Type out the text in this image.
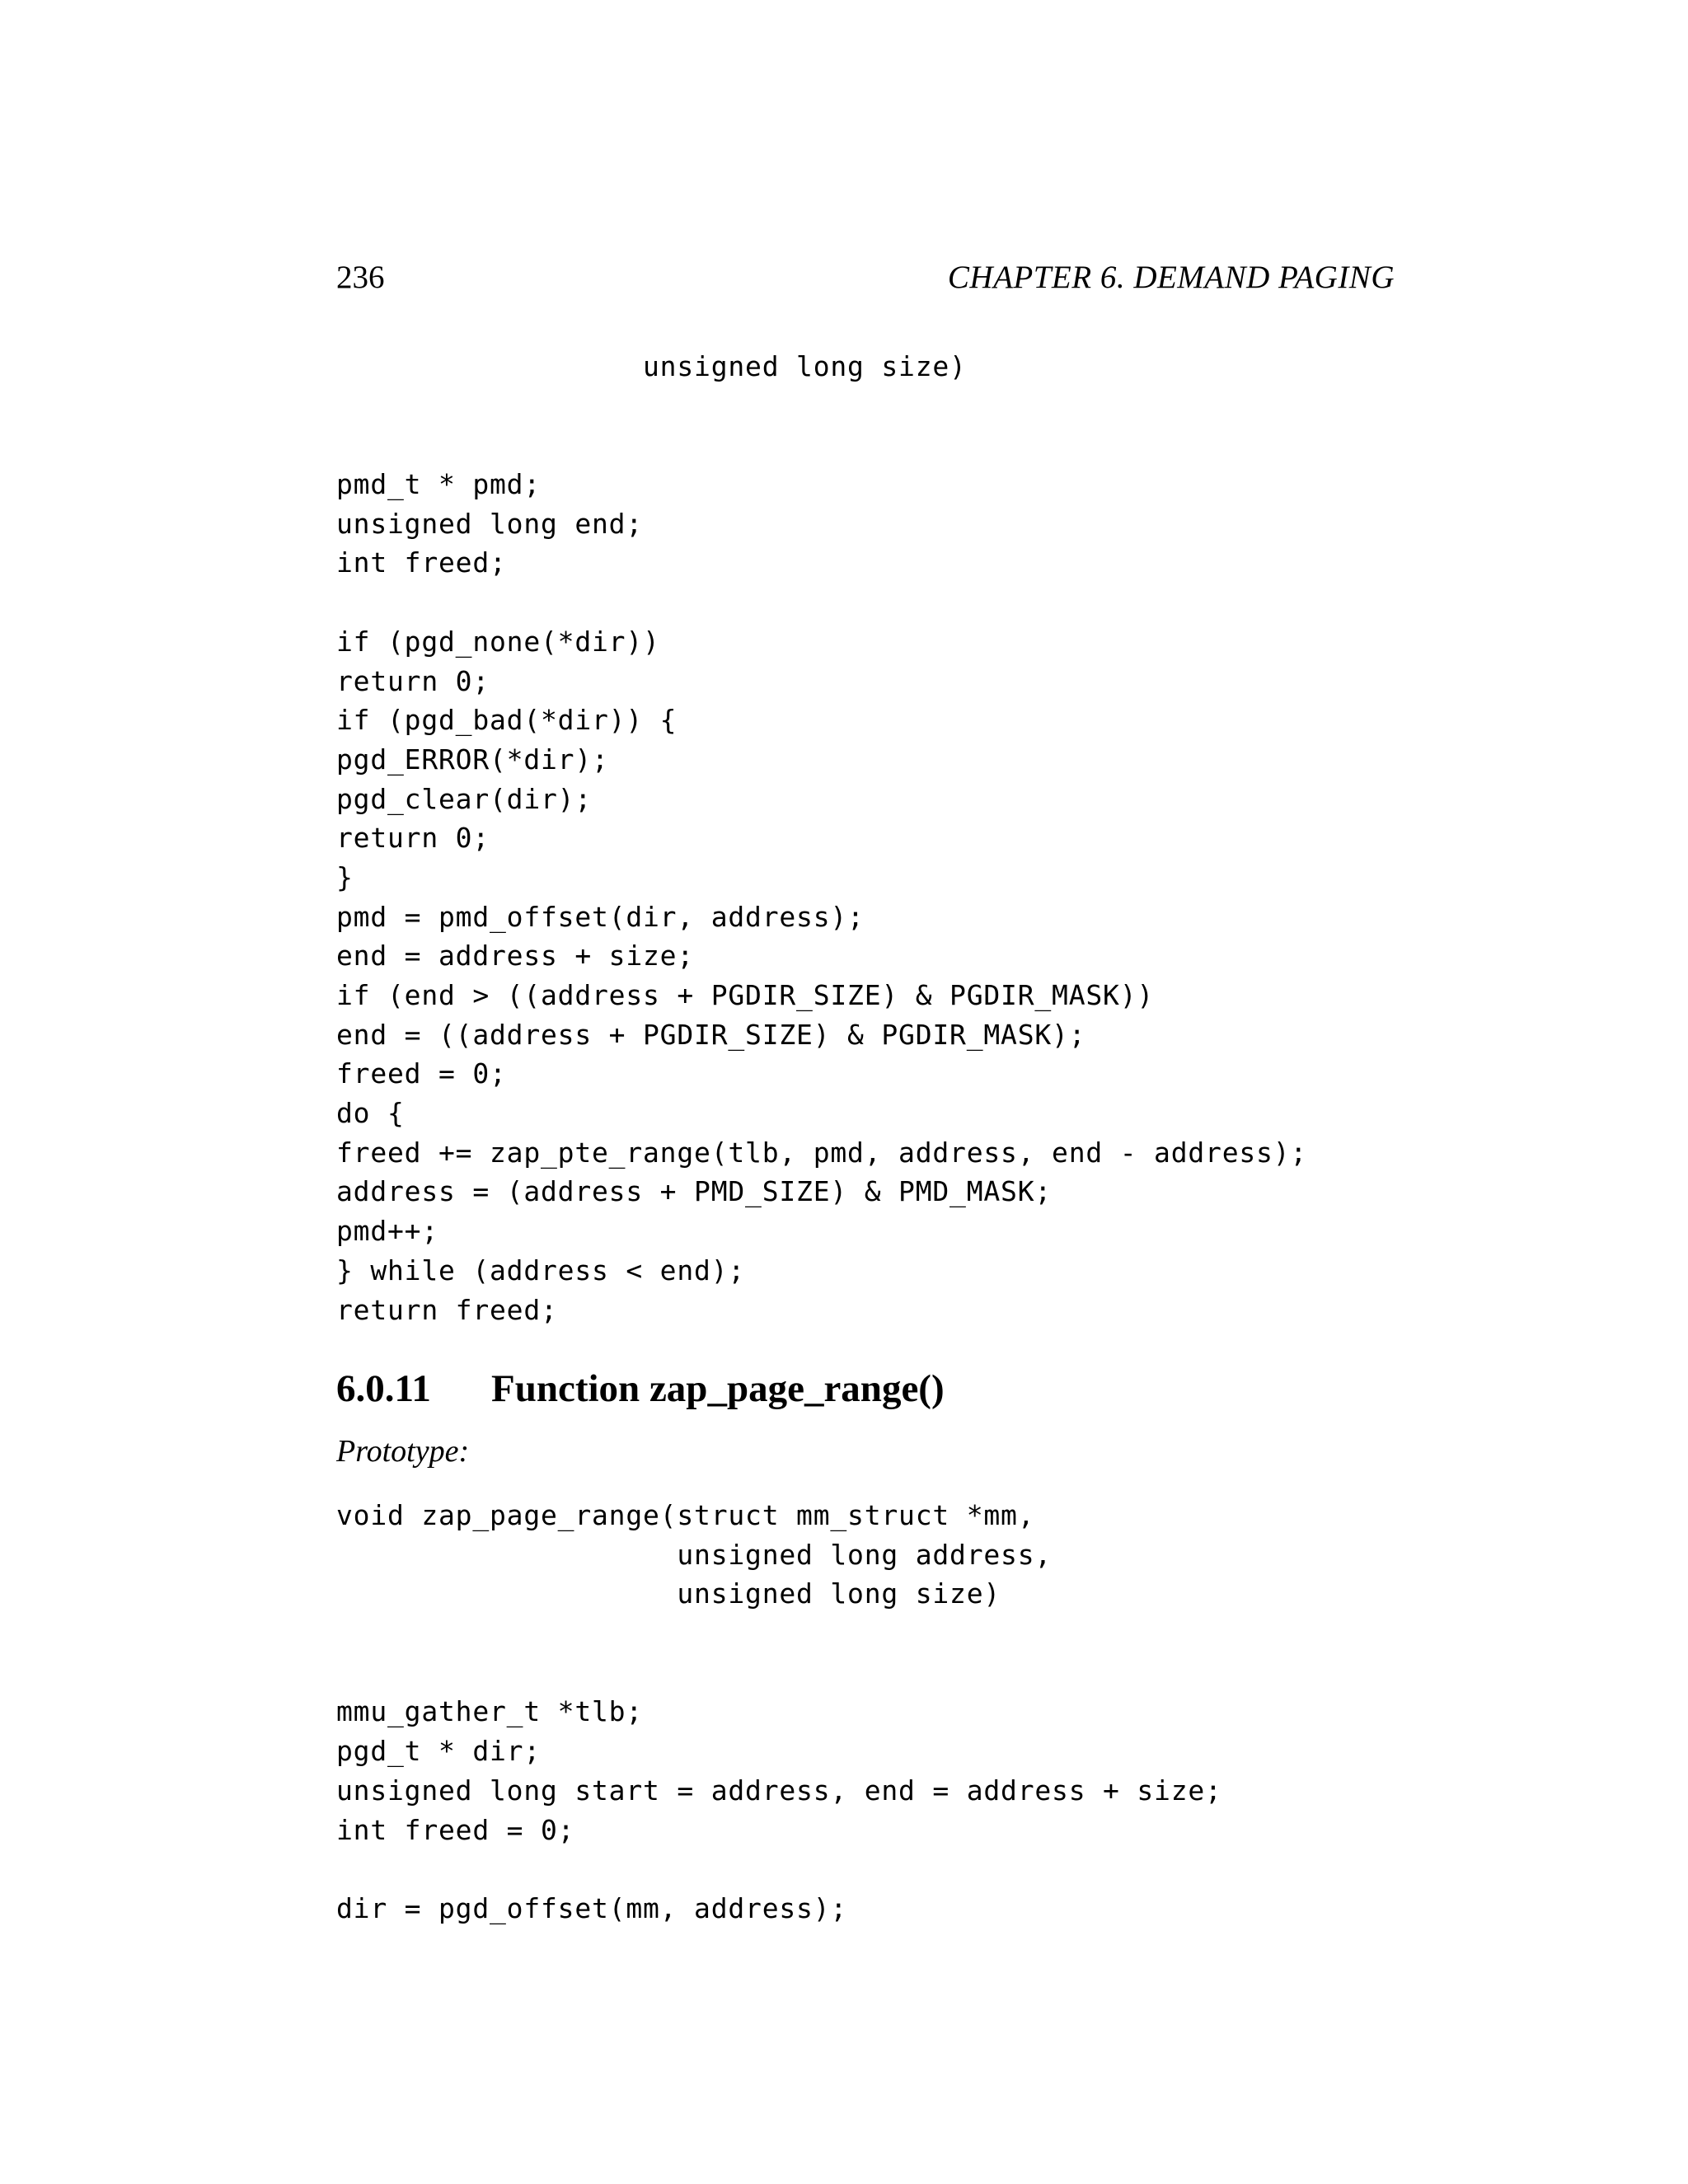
236	CHAPTER 6. DEMAND PAGING
unsigned long size)
pmd_t * pmd;
unsigned long end;
int freed;
if (pgd_none(*dir))
return 0;
if (pgd_bad(*dir)) {
pgd_ERROR(*dir);
pgd_clear(dir);
return 0;
}
pmd = pmd_offset(dir, address);
end = address + size;
if (end > ((address + PGDIR_SIZE) & PGDIR_MASK))
end = ((address + PGDIR_SIZE) & PGDIR_MASK);
freed = 0;
do {
freed += zap_pte_range(tlb, pmd, address, end - address);
address = (address + PMD_SIZE) & PMD_MASK;
pmd++;
} while (address < end);
return freed;
6.0.11 Function zap_page_range()
Prototype:
void zap_page_range(struct mm_struct *mm,
unsigned long address,
unsigned long size)
mmu_gather_t *tlb;
pgd_t * dir;
unsigned long start = address, end = address + size;
int freed = 0;
dir = pgd_offset(mm, address);
